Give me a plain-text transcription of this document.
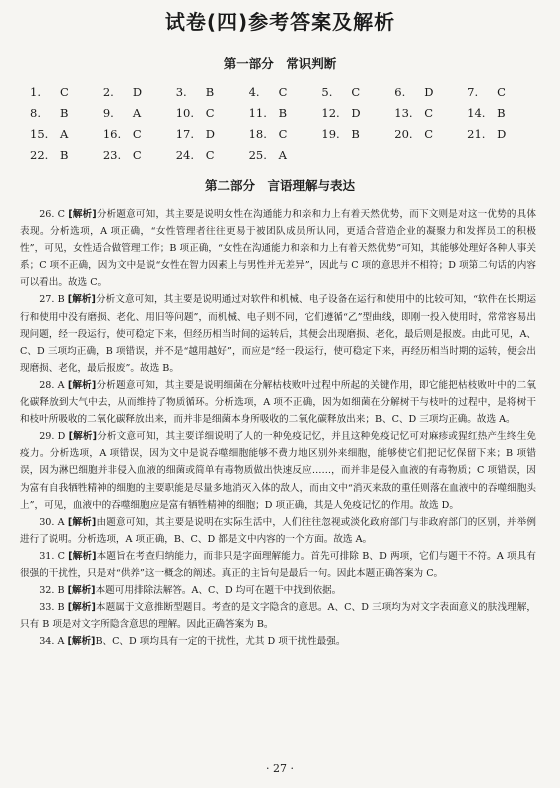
试卷(四)参考答案及解析
第一部分　常识判断
1. C	2. D	3. B	4. C	5. C	6. D	7. C
8. B	9. A	10. C	11. B	12. D	13. C	14. B
15. A	16. C	17. D	18. C	19. B	20. C	21. D
22. B	23. C	24. C	25. A
第二部分　言语理解与表达

26. C [解析]分析题意可知，其主要是说明女性在沟通能力和亲和力上有着天然优势，而下文则是对这一优势的具体表现。分析选项，A 项正确，“女性管理者往往更易于被团队成员所认同，更适合营造企业的凝聚力和发挥员工的积极性”，可见，女性适合做管理工作；B 项正确，“女性在沟通能力和亲和力上有着天然优势”可知，其能够处理好各种人事关系；C 项不正确，因为文中是说“女性在智力因素上与男性并无差异”，因此与 C 项的意思并不相符；D 项第二句话的内容可以看出。故选 C。

27. B [解析]分析文意可知，其主要是说明通过对软件和机械、电子设备在运行和使用中的比较可知，“软件在长期运行和使用中没有磨损、老化、用旧等问题”，而机械、电子则不同，它们遵循“乙”型曲线，即刚一投入使用时，常常容易出现问题，经一段运行，使可稳定下来，但经历相当时间的运转后，其便会出现磨损、老化，最后则是报废。由此可见，A、C、D 三项均正确，B 项错误，并不是“越用越好”，而应是“经一段运行，使可稳定下来，再经历相当时期的运转，便会出现磨损、老化，最后报废”。故选 B。

28. A [解析]分析题意可知，其主要是说明细菌在分解枯枝败叶过程中所起的关键作用，即它能把枯枝败叶中的二氧化碳释放到大气中去，从而维持了物质循环。分析选项，A 项不正确，因为如细菌在分解树干与枝叶的过程中，是将树干和枝叶所吸收的二氧化碳释放出来，而并非是细菌本身所吸收的二氧化碳释放出来；B、C、D 三项均正确。故选 A。

29. D [解析]分析文意可知，其主要详细说明了人的一种免疫记忆，并且这种免疫记忆可对麻疹或猩红热产生终生免疫力。分析选项，A 项错误，因为文中是说吞噬细胞能够不费力地区别外来细胞，能够使它们把记忆保留下来；B 项错误，因为淋巴细胞并非侵入血液的细菌或简单有毒物质做出快速反应……，而并非是侵入血液的有毒物质；C 项错误，因为富有自我牺牲精神的细胞的主要职能是尽量多地消灭入体的敌人，而由文中“消灭来敌的重任则落在血液中的吞噬细胞头上”，可见，血液中的吞噬细胞应是富有牺牲精神的细胞；D 项正确，其是人免疫记忆的作用。故选 D。

30. A [解析]由题意可知，其主要是说明在实际生活中，人们往往忽视或淡化政府部门与非政府部门的区别，并举例进行了说明。分析选项，A 项正确，B、C、D 都是文中内容的一个方面。故选 A。

31. C [解析]本题旨在考查归纳能力，而非只是字面理解能力。首先可排除 B、D 两项，它们与题干不符。A 项具有很强的干扰性，只是对“供养”这一概念的阐述。真正的主旨句是最后一句。因此本题正确答案为 C。

32. B [解析]本题可用排除法解答。A、C、D 均可在题干中找到依据。

33. B [解析]本题属于文意推断型题目。考查的是文字隐含的意思。A、C、D 三项均为对文字表面意义的肤浅理解，只有 B 项是对文字所隐含意思的理解。因此正确答案为 B。

34. A [解析]B、C、D 项均具有一定的干扰性，尤其 D 项干扰性最强。

· 27 ·
